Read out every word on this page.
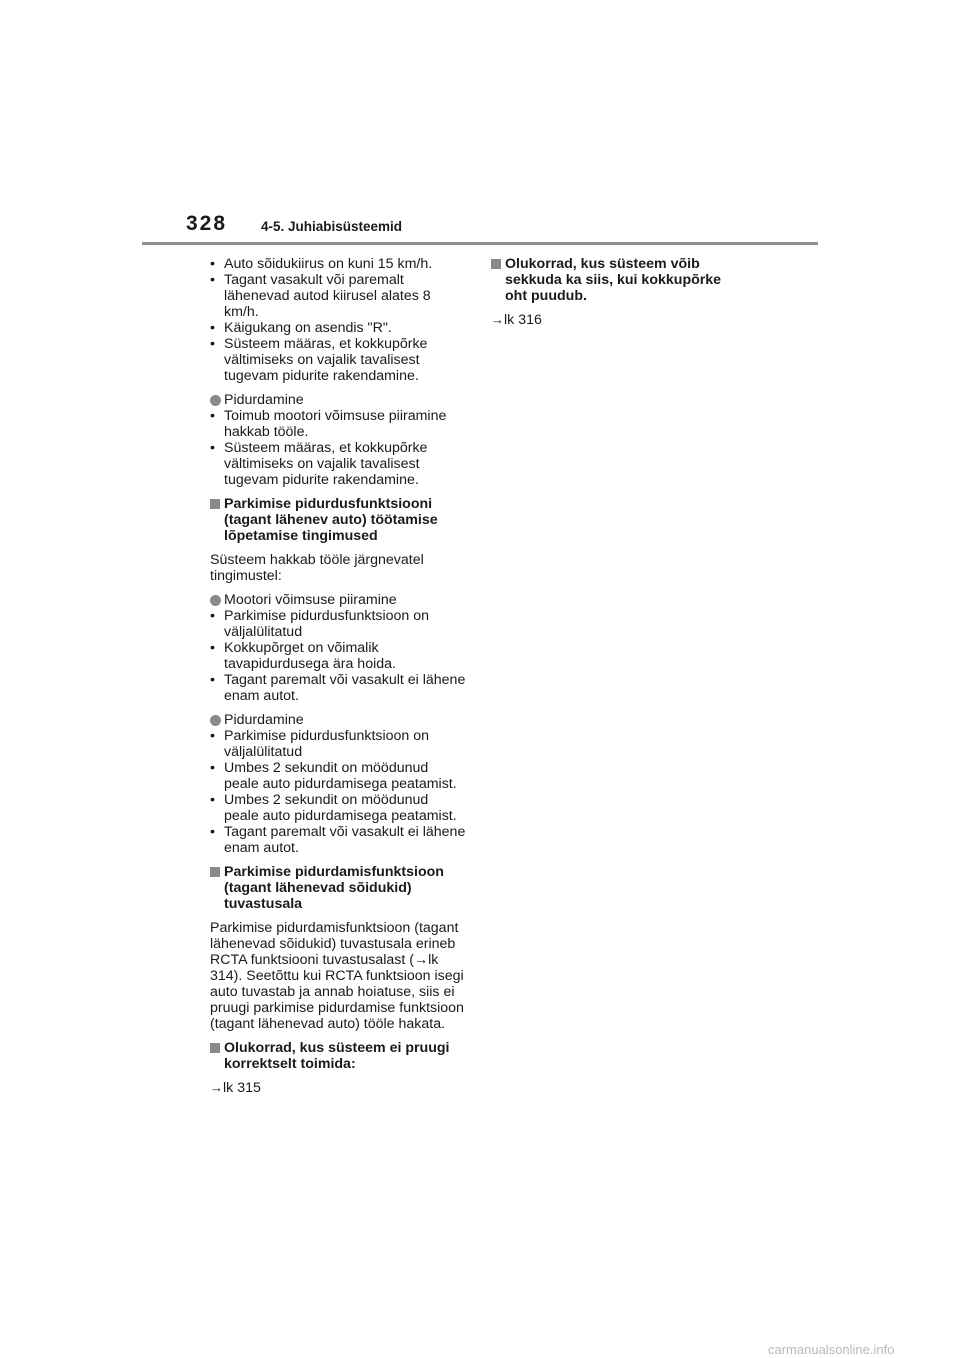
328	4-5. Juhiabisüsteemid
• Auto sõidukiirus on kuni 15 km/h.
• Tagant vasakult või paremalt
lähenevad autod kiirusel alates 8
km/h.
• Käigukang on asendis "R".
• Süsteem määras, et kokkupõrke
vältimiseks on vajalik tavalisest
tugevam pidurite rakendamine.
Pidurdamine
• Toimub mootori võimsuse piiramine
hakkab tööle.
• Süsteem määras, et kokkupõrke
vältimiseks on vajalik tavalisest
tugevam pidurite rakendamine.
Parkimise pidurdusfunktsiooni
(tagant lähenev auto) töötamise
lõpetamise tingimused
Süsteem hakkab tööle järgnevatel
tingimustel:
Mootori võimsuse piiramine
• Parkimise pidurdusfunktsioon on
väljalülitatud
• Kokkupõrget on võimalik
tavapidurdusega ära hoida.
• Tagant paremalt või vasakult ei lähene
enam autot.
Pidurdamine
• Parkimise pidurdusfunktsioon on
väljalülitatud
• Umbes 2 sekundit on möödunud
peale auto pidurdamisega peatamist.
• Umbes 2 sekundit on möödunud
peale auto pidurdamisega peatamist.
• Tagant paremalt või vasakult ei lähene
enam autot.
Parkimise pidurdamisfunktsioon
(tagant lähenevad sõidukid)
tuvastusala
Parkimise pidurdamisfunktsioon (tagant
lähenevad sõidukid) tuvastusala erineb
RCTA funktsiooni tuvastusalast (→lk
314). Seetõttu kui RCTA funktsioon isegi
auto tuvastab ja annab hoiatuse, siis ei
pruugi parkimise pidurdamise funktsioon
(tagant lähenevad auto) tööle hakata.
Olukorrad, kus süsteem ei pruugi
korrektselt toimida:
→lk 315
Olukorrad, kus süsteem võib
sekkuda ka siis, kui kokkupõrke
oht puudub.
→lk 316
carmanualsonline.info
